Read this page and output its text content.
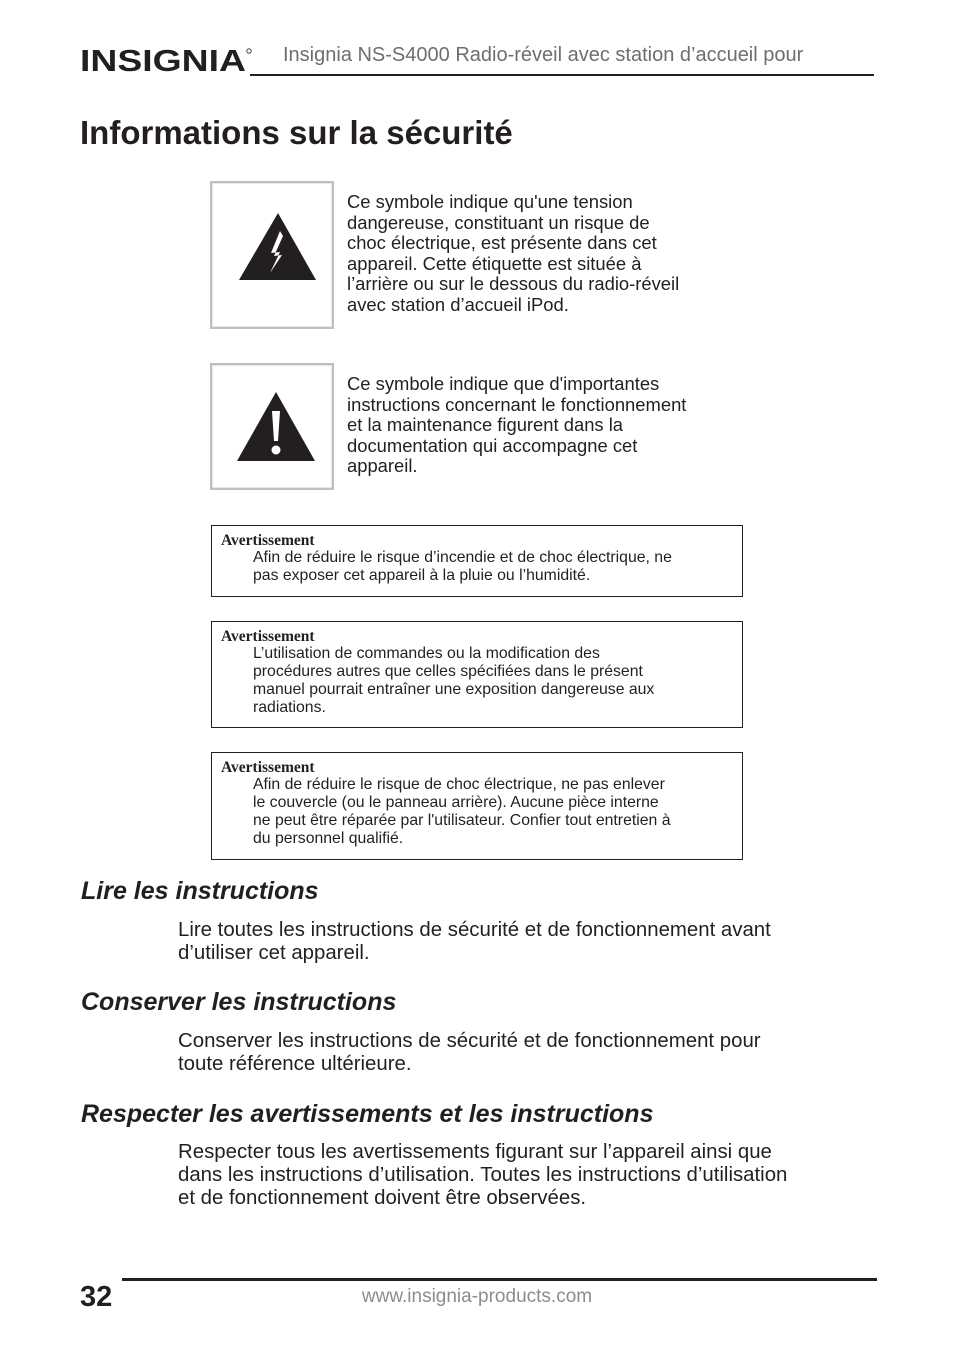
INSIGNIA Insignia NS-S4000 Radio-réveil avec station d’accueil pour
Informations sur la sécurité
Ce symbole indique qu'une tension
dangereuse, constituant un risque de
choc électrique, est présente dans cet
appareil. Cette étiquette est située à
l’arrière ou sur le dessous du radio-réveil
avec station d’accueil iPod.
Ce symbole indique que d'importantes
instructions concernant le fonctionnement
et la maintenance figurent dans la
documentation qui accompagne cet
appareil.
Avertissement
Afin de réduire le risque d’incendie et de choc électrique, ne
pas exposer cet appareil à la pluie ou l’humidité.
Avertissement
L’utilisation de commandes ou la modification des
procédures autres que celles spécifiées dans le présent
manuel pourrait entraîner une exposition dangereuse aux
radiations.
Avertissement
Afin de réduire le risque de choc électrique, ne pas enlever
le couvercle (ou le panneau arrière). Aucune pièce interne
ne peut être réparée par l'utilisateur. Confier tout entretien à
du personnel qualifié.
Lire les instructions
Lire toutes les instructions de sécurité et de fonctionnement avant
d’utiliser cet appareil.
Conserver les instructions
Conserver les instructions de sécurité et de fonctionnement pour
toute référence ultérieure.
Respecter les avertissements et les instructions
Respecter tous les avertissements figurant sur l’appareil ainsi que
dans les instructions d’utilisation. Toutes les instructions d’utilisation
et de fonctionnement doivent être observées.
32	www.insignia-products.com
